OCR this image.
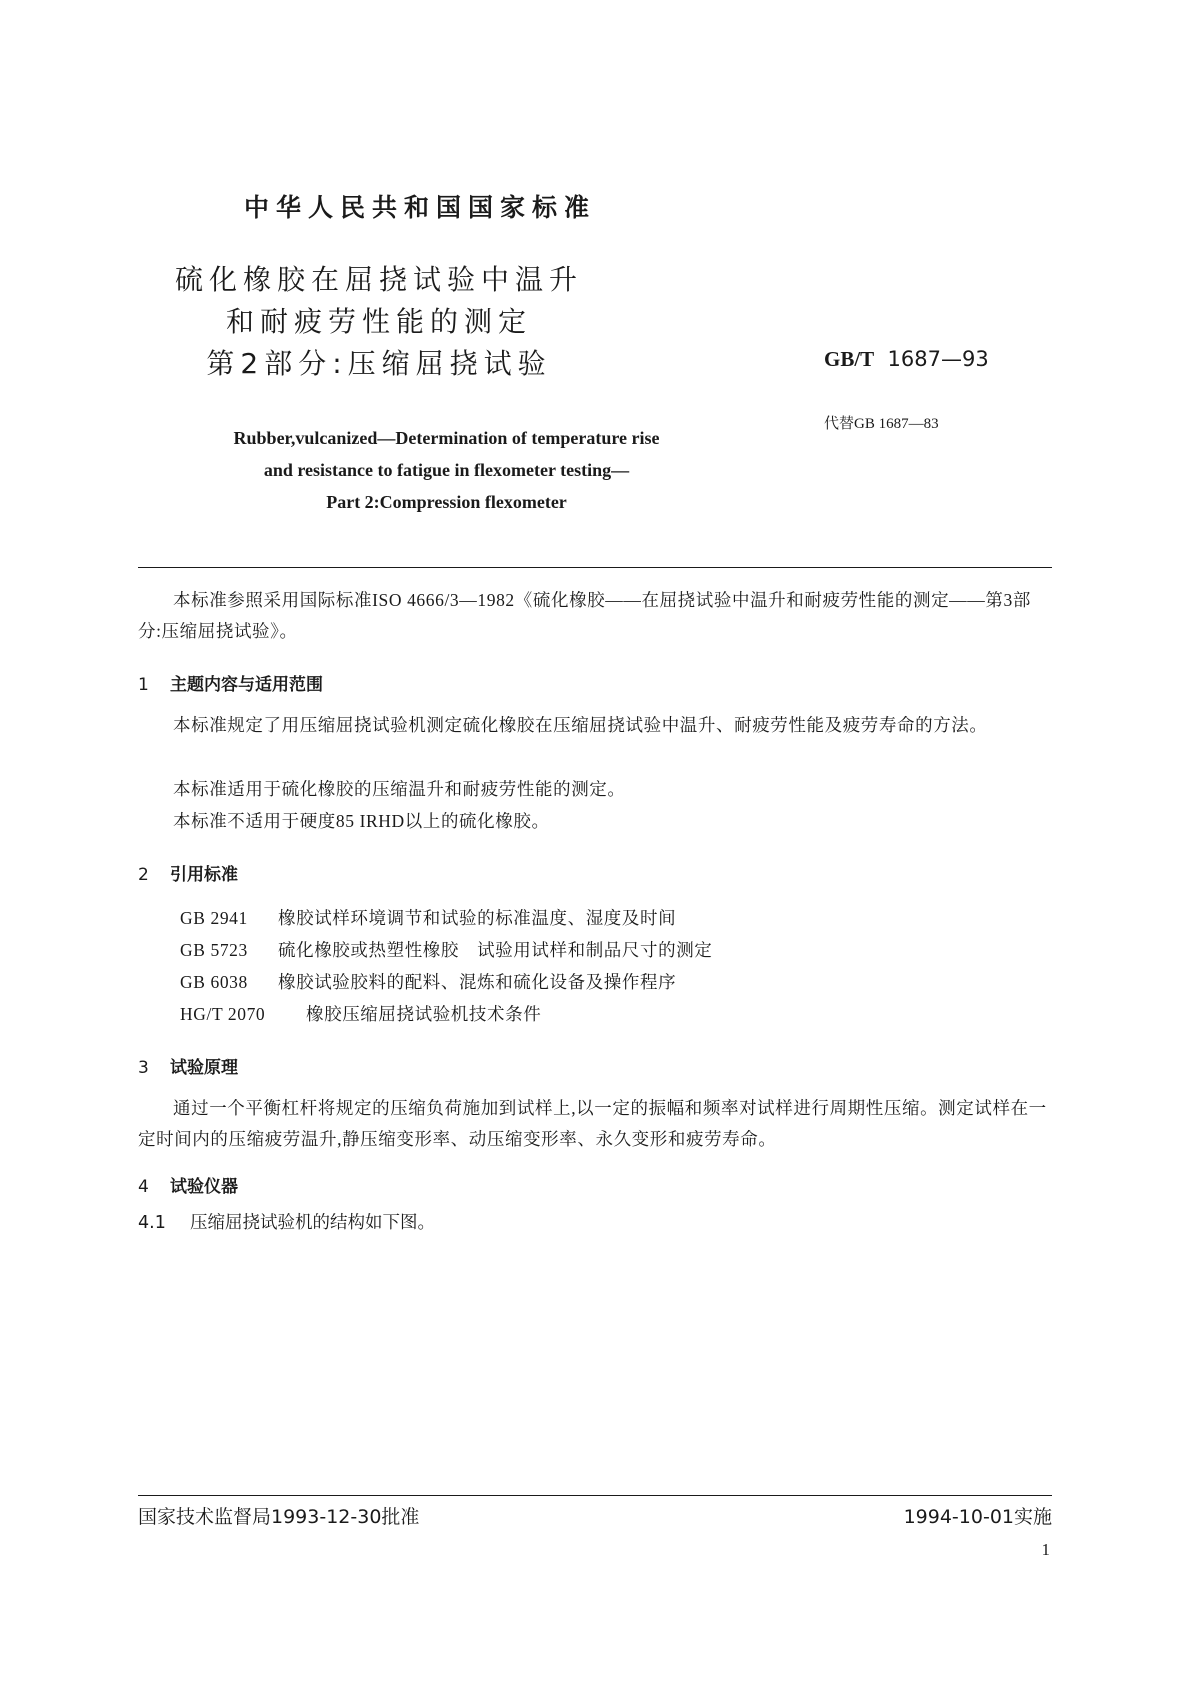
中华人民共和国国家标准
硫化橡胶在屈挠试验中温升
和耐疲劳性能的测定
第2部分:压缩屈挠试验	GB/T 1687—93
代替GB 1687—83
Rubber,vulcanized—Determination of temperature rise
and resistance to fatigue in flexometer testing—
Part 2:Compression flexometer
本标准参照采用国际标准ISO 4666/3—1982《硫化橡胶——在屈挠试验中温升和耐疲劳性能的测定——第3部分:压缩屈挠试验》。
1 主题内容与适用范围
本标准规定了用压缩屈挠试验机测定硫化橡胶在压缩屈挠试验中温升、耐疲劳性能及疲劳寿命的方法。
本标准适用于硫化橡胶的压缩温升和耐疲劳性能的测定。
本标准不适用于硬度85 IRHD以上的硫化橡胶。
2 引用标准
GB 2941 橡胶试样环境调节和试验的标准温度、湿度及时间
GB 5723 硫化橡胶或热塑性橡胶　试验用试样和制品尺寸的测定
GB 6038 橡胶试验胶料的配料、混炼和硫化设备及操作程序
HG/T 2070 橡胶压缩屈挠试验机技术条件
3 试验原理
通过一个平衡杠杆将规定的压缩负荷施加到试样上,以一定的振幅和频率对试样进行周期性压缩。测定试样在一定时间内的压缩疲劳温升,静压缩变形率、动压缩变形率、永久变形和疲劳寿命。
4 试验仪器
4.1 压缩屈挠试验机的结构如下图。
国家技术监督局1993-12-30批准	1994-10-01实施
1
